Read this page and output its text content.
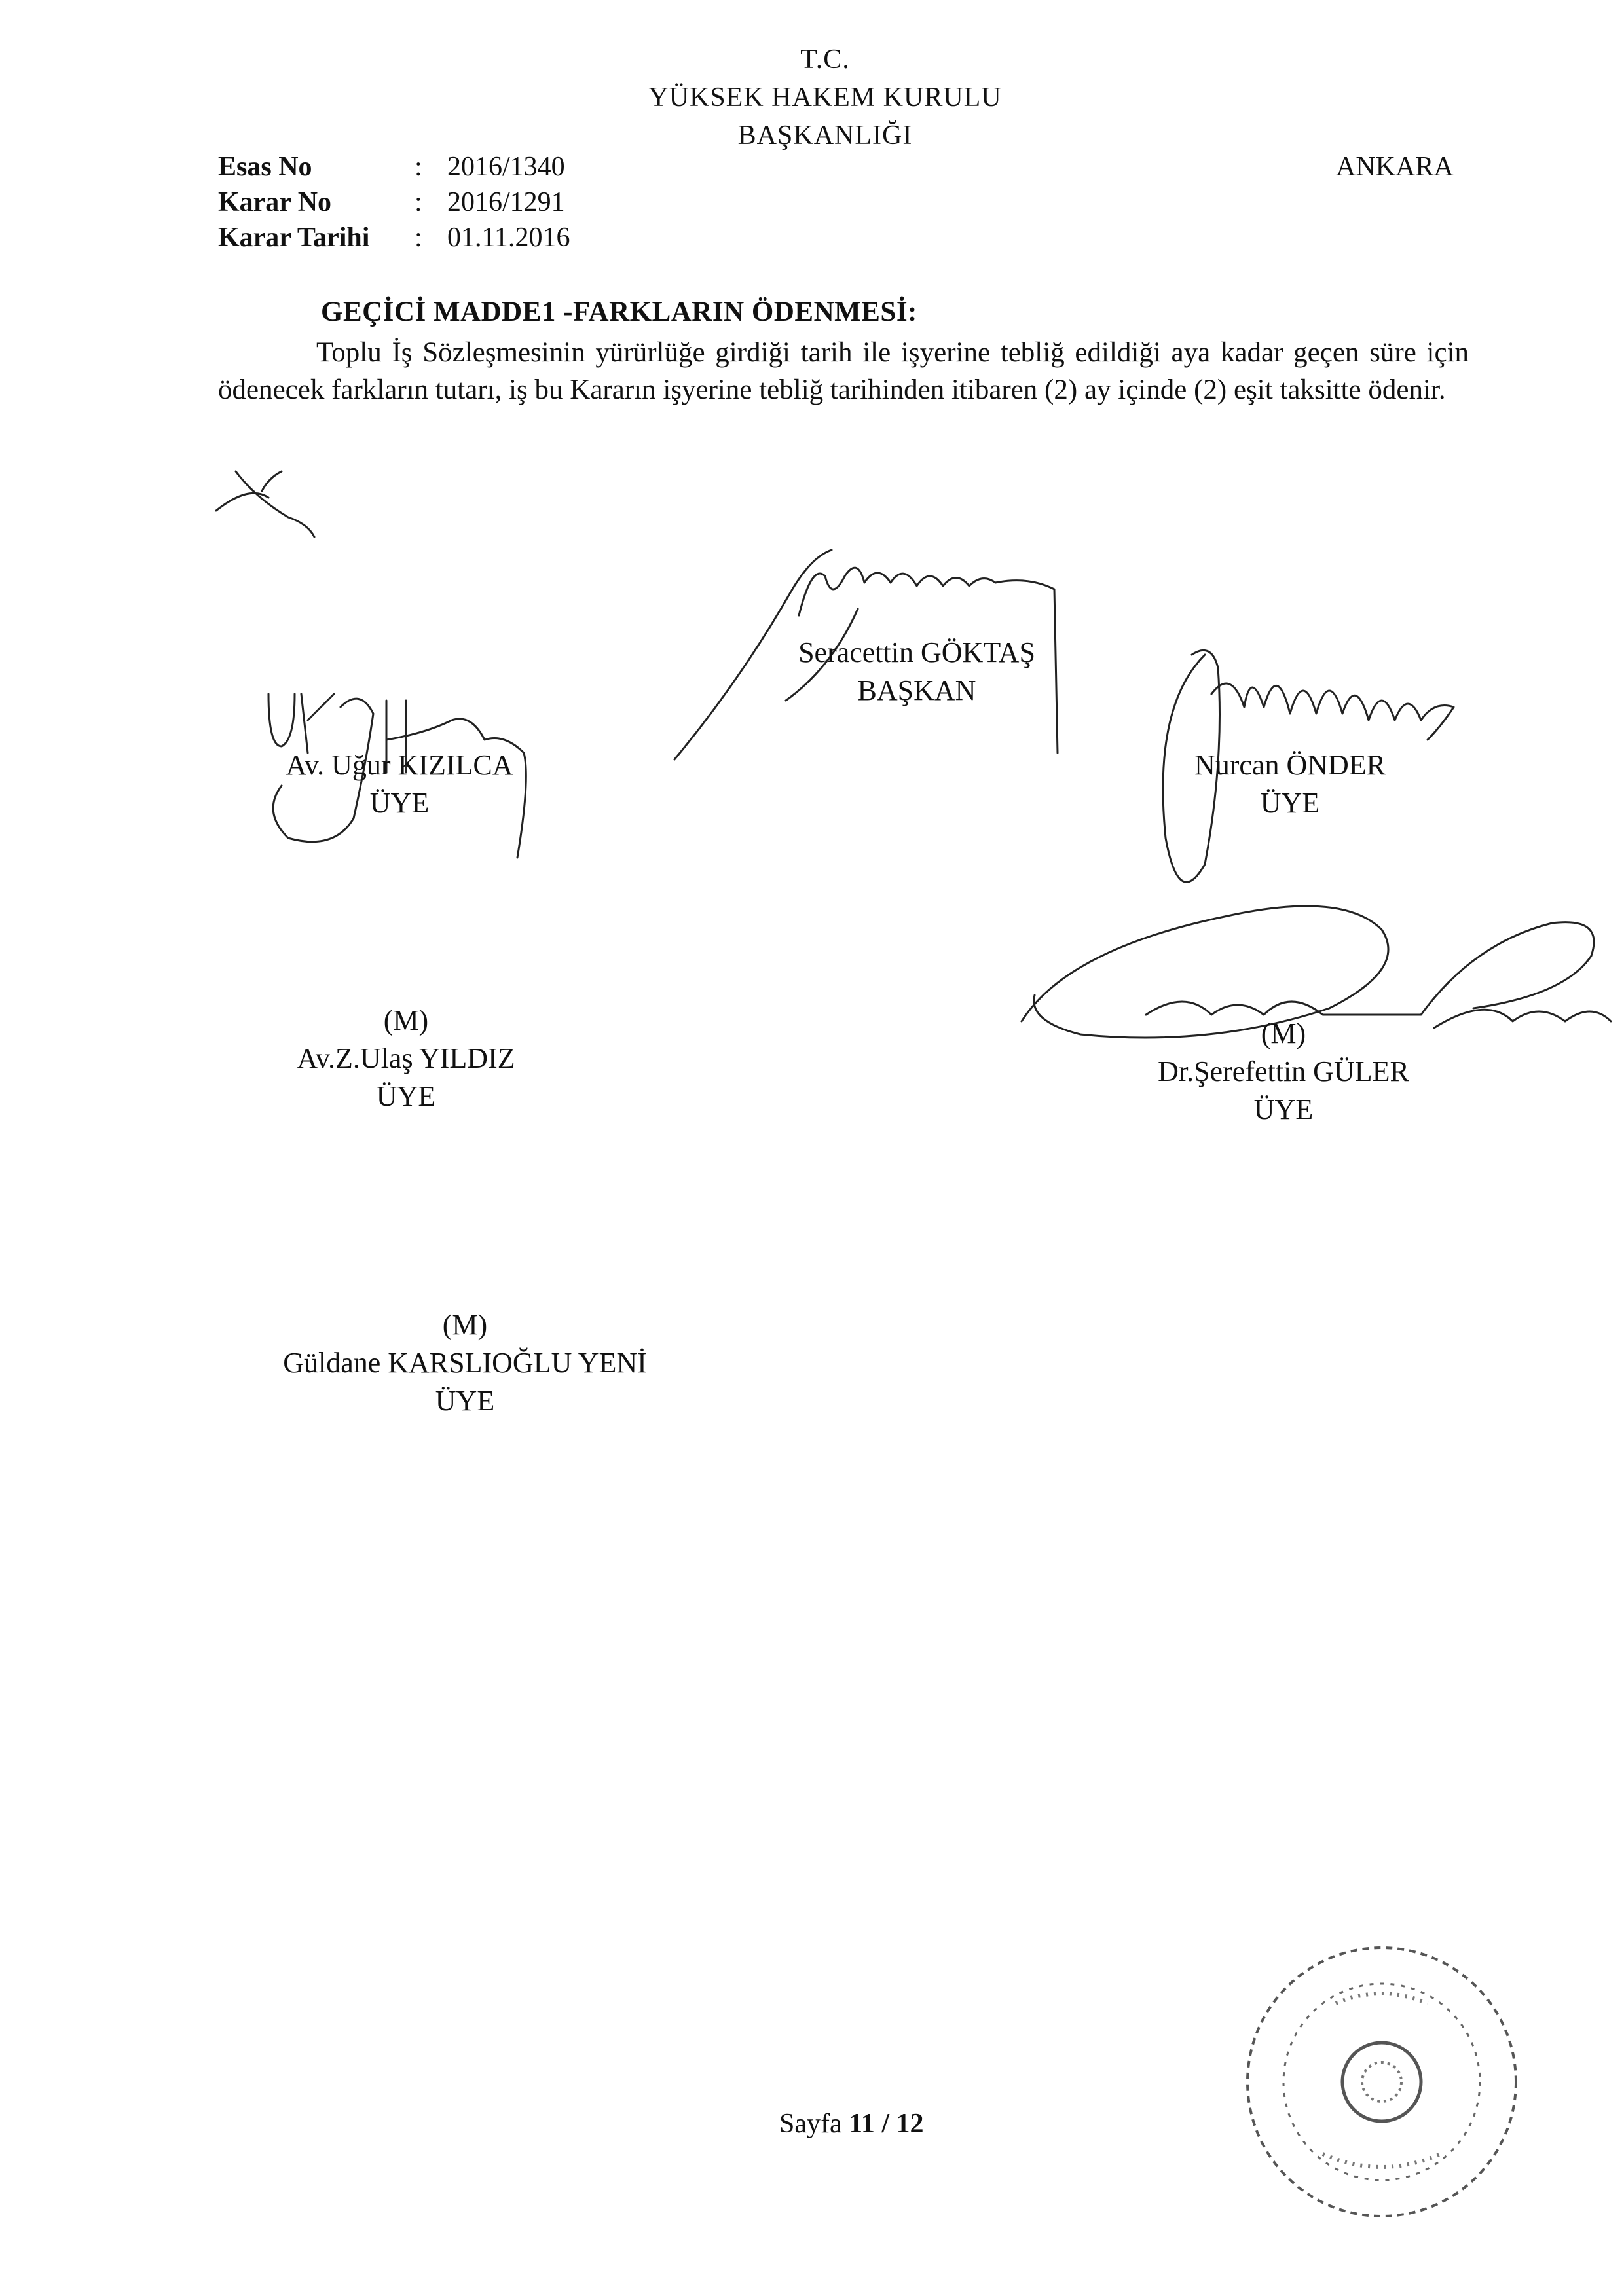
T.C.
YÜKSEK HAKEM KURULU
BAŞKANLIĞI
Esas No	: 2016/1340
Karar No	: 2016/1291
Karar Tarihi	: 01.11.2016
ANKARA
GEÇİCİ MADDE1 -FARKLARIN ÖDENMESİ:
Toplu İş Sözleşmesinin yürürlüğe girdiği tarih ile işyerine tebliğ edildiği aya kadar geçen süre için ödenecek farkların tutarı, iş bu Kararın işyerine tebliğ tarihinden itibaren (2) ay içinde (2) eşit taksitte ödenir.
Seracettin GÖKTAŞ
BAŞKAN
Av. Uğur KIZILCA
ÜYE
Nurcan ÖNDER
ÜYE
(M)
Av.Z.Ulaş YILDIZ
ÜYE
(M)
Dr.Şerefettin GÜLER
ÜYE
(M)
Güldane KARSLIOĞLU YENİ
ÜYE
Sayfa 11 / 12
